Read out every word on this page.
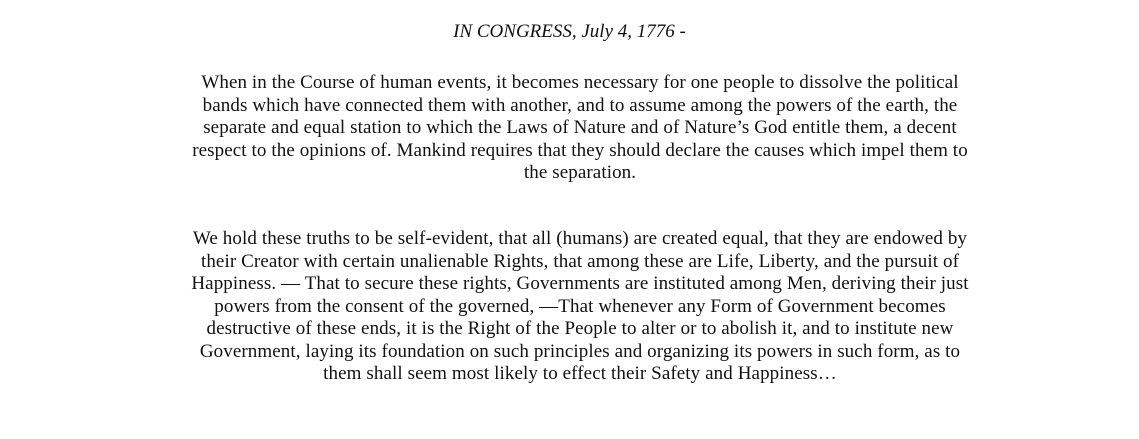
IN CONGRESS, July 4, 1776 -
When in the Course of human events, it becomes necessary for one people to dissolve the political
bands which have connected them with another, and to assume among the powers of the earth, the
separate and equal station to which the Laws of Nature and of Nature’s God entitle them, a decent
respect to the opinions of. Mankind requires that they should declare the causes which impel them to
the separation.
We hold these truths to be self-evident, that all (humans) are created equal, that they are endowed by
their Creator with certain unalienable Rights, that among these are Life, Liberty, and the pursuit of
Happiness. — That to secure these rights, Governments are instituted among Men, deriving their just
powers from the consent of the governed, —That whenever any Form of Government becomes
destructive of these ends, it is the Right of the People to alter or to abolish it, and to institute new
Government, laying its foundation on such principles and organizing its powers in such form, as to
them shall seem most likely to effect their Safety and Happiness…
